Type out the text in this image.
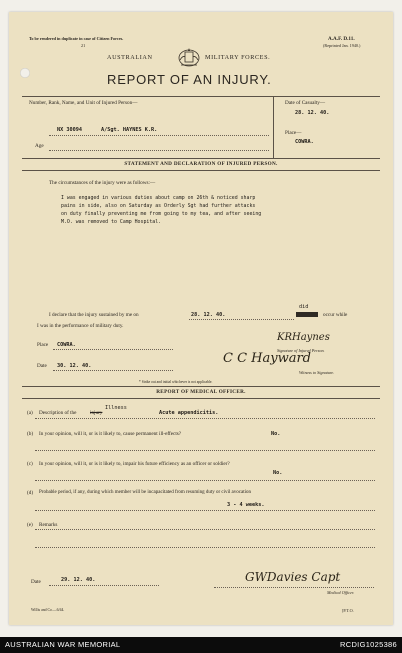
To be rendered in duplicate in case of Citizen Forces.
21
A.A.F. D.11.
(Reprinted Jan. 1940.)
AUSTRALIAN	MILITARY FORCES.
REPORT OF AN INJURY.
Number, Rank, Name, and Unit of Injured Person—
NX 30094	A/Sgt. HAYNES K.R.
Age
Date of Casualty—
28. 12. 40.
Place—
COWRA.
STATEMENT AND DECLARATION OF INJURED PERSON.
The circumstances of the injury were as follows:—
I was engaged in various duties about camp on 26th & noticed sharp
pains in side, also on Saturday as Orderly Sgt had further attacks
on duty finally preventing me from going to my tea, and after seeing
M.O. was removed to Camp Hospital.
I declare that the injury sustained by me on	28. 12. 40.
did
occur while
I was in the performance of military duty.
Place COWRA.
KRHaynes
Signature of Injured Person.
Date 30. 12. 40.	C C Hayward
Witness to Signature.
* Strike out and initial whichever is not applicable.
REPORT OF MEDICAL OFFICER.
(a) Description of the	injury
Illness
Acute appendicitis.
(b) In your opinion, will it, or is it likely to, cause permanent ill-effects?	No.
(c) In your opinion, will it, or is it likely to, impair his future efficiency as an officer or soldier?
No.
(d) Probable period, if any, during which member will be incapacitated from resuming duty or civil avocation
3 - 4 weeks.
(e) Remarks
Date	29. 12. 40.	GWDavies Capt
Medical Officer.
Willis and Co.—6/44.	[P.T.O.
AUSTRALIAN WAR MEMORIAL	RCDIG1025386
